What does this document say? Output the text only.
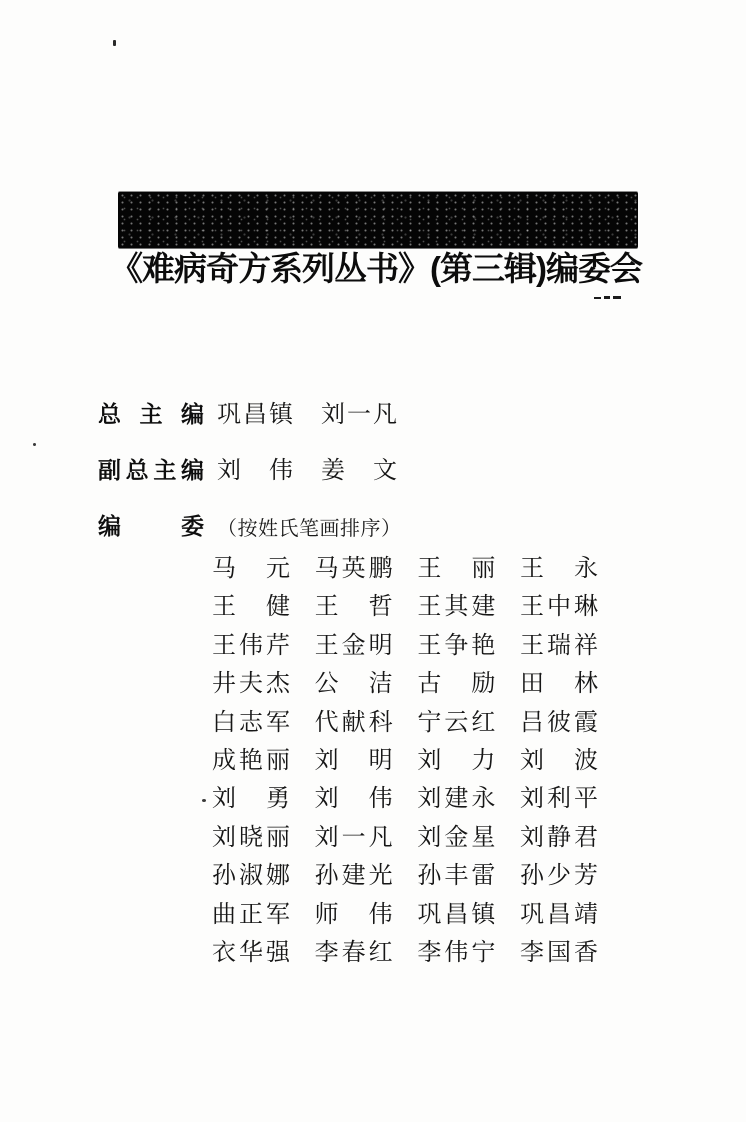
《难病奇方系列丛书》(第三辑)编委会
总 主 编 巩 昌 镇 刘 一 凡
副 总 主 编 刘 伟 姜 文
编	委 （按姓氏笔画排序）
马 元 马 英 鹏 王 丽 王 永
王 健 王 哲 王 其 建 王 中 琳
王 伟 芹 王 金 明 王 争 艳 王 瑞 祥
井 夫 杰 公 洁 古 励 田 林
白 志 军 代 献 科 宁 云 红 吕 彼 霞
成 艳 丽 刘 明 刘 力 刘 波
刘 勇 刘 伟 刘 建 永 刘 利 平
刘 晓 丽 刘 一 凡 刘 金 星 刘 静 君
孙 淑 娜 孙 建 光 孙 丰 雷 孙 少 芳
曲 正 军 师 伟 巩 昌 镇 巩 昌 靖
衣 华 强 李 春 红 李 伟 宁 李 国 香
